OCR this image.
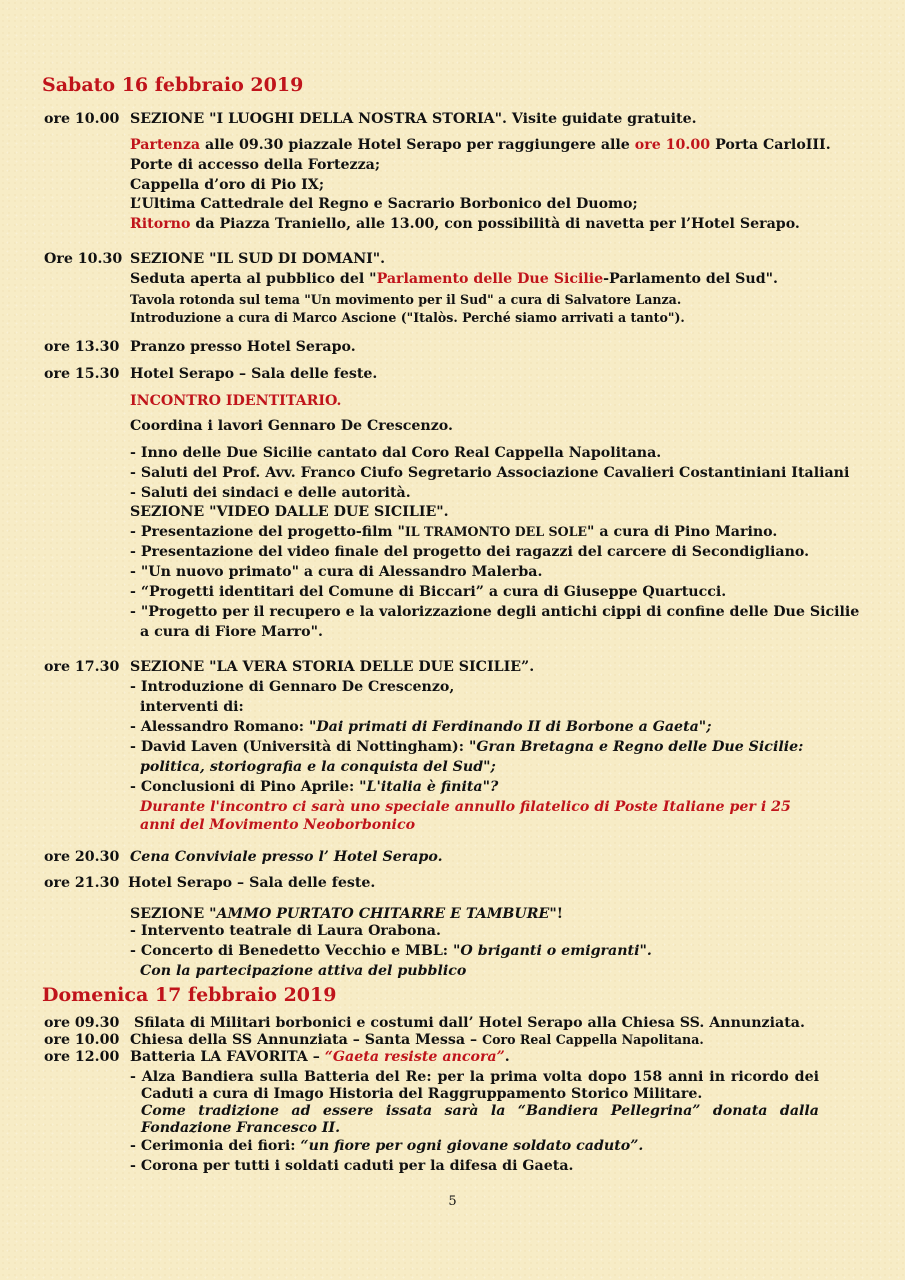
Sabato 16 febbraio 2019
ore 10.00 SEZIONE "I LUOGHI DELLA NOSTRA STORIA". Visite guidate gratuite.
Partenza alle 09.30 piazzale Hotel Serapo per raggiungere alle ore 10.00 Porta CarloIII.
Porte di accesso della Fortezza;
Cappella d’oro di Pio IX;
L’Ultima Cattedrale del Regno e Sacrario Borbonico del Duomo;
Ritorno da Piazza Traniello, alle 13.00, con possibilità di navetta per l’Hotel Serapo.
Ore 10.30 SEZIONE "IL SUD DI DOMANI".
Seduta aperta al pubblico del "Parlamento delle Due Sicilie-Parlamento del Sud".
Tavola rotonda sul tema "Un movimento per il Sud" a cura di Salvatore Lanza.
Introduzione a cura di Marco Ascione ("Italòs. Perché siamo arrivati a tanto").
ore 13.30 Pranzo presso Hotel Serapo.
ore 15.30 Hotel Serapo – Sala delle feste.
INCONTRO IDENTITARIO.
Coordina i lavori Gennaro De Crescenzo.
- Inno delle Due Sicilie cantato dal Coro Real Cappella Napolitana.
- Saluti del Prof. Avv. Franco Ciufo Segretario Associazione Cavalieri Costantiniani Italiani
- Saluti dei sindaci e delle autorità.
SEZIONE "VIDEO DALLE DUE SICILIE".
- Presentazione del progetto-film "IL TRAMONTO DEL SOLE" a cura di Pino Marino.
- Presentazione del video finale del progetto dei ragazzi del carcere di Secondigliano.
- "Un nuovo primato" a cura di Alessandro Malerba.
- “Progetti identitari del Comune di Biccari” a cura di Giuseppe Quartucci.
- "Progetto per il recupero e la valorizzazione degli antichi cippi di confine delle Due Sicilie
a cura di Fiore Marro".
ore 17.30 SEZIONE "LA VERA STORIA DELLE DUE SICILIE”.
- Introduzione di Gennaro De Crescenzo,
interventi di:
- Alessandro Romano: "Dai primati di Ferdinando II di Borbone a Gaeta";
- David Laven (Università di Nottingham): "Gran Bretagna e Regno delle Due Sicilie:
politica, storiografia e la conquista del Sud";
- Conclusioni di Pino Aprile: "L'italia è finita"?
Durante l'incontro ci sarà uno speciale annullo filatelico di Poste Italiane per i 25
anni del Movimento Neoborbonico
ore 20.30 Cena Conviviale presso l’ Hotel Serapo.
ore 21.30 Hotel Serapo – Sala delle feste.
SEZIONE "AMMO PURTATO CHITARRE E TAMBURE"!
- Intervento teatrale di Laura Orabona.
- Concerto di Benedetto Vecchio e MBL: "O briganti o emigranti".
Con la partecipazione attiva del pubblico
Domenica 17 febbraio 2019
ore 09.30 Sfilata di Militari borbonici e costumi dall’ Hotel Serapo alla Chiesa SS. Annunziata.
ore 10.00 Chiesa della SS Annunziata – Santa Messa – Coro Real Cappella Napolitana.
ore 12.00 Batteria LA FAVORITA – “Gaeta resiste ancora”.
- Alza Bandiera sulla Batteria del Re: per la prima volta dopo 158 anni in ricordo dei
Caduti a cura di Imago Historia del Raggruppamento Storico Militare.
Come tradizione ad essere issata sarà la “Bandiera Pellegrina” donata dalla
Fondazione Francesco II.
- Cerimonia dei fiori: “un fiore per ogni giovane soldato caduto”.
- Corona per tutti i soldati caduti per la difesa di Gaeta.
5
